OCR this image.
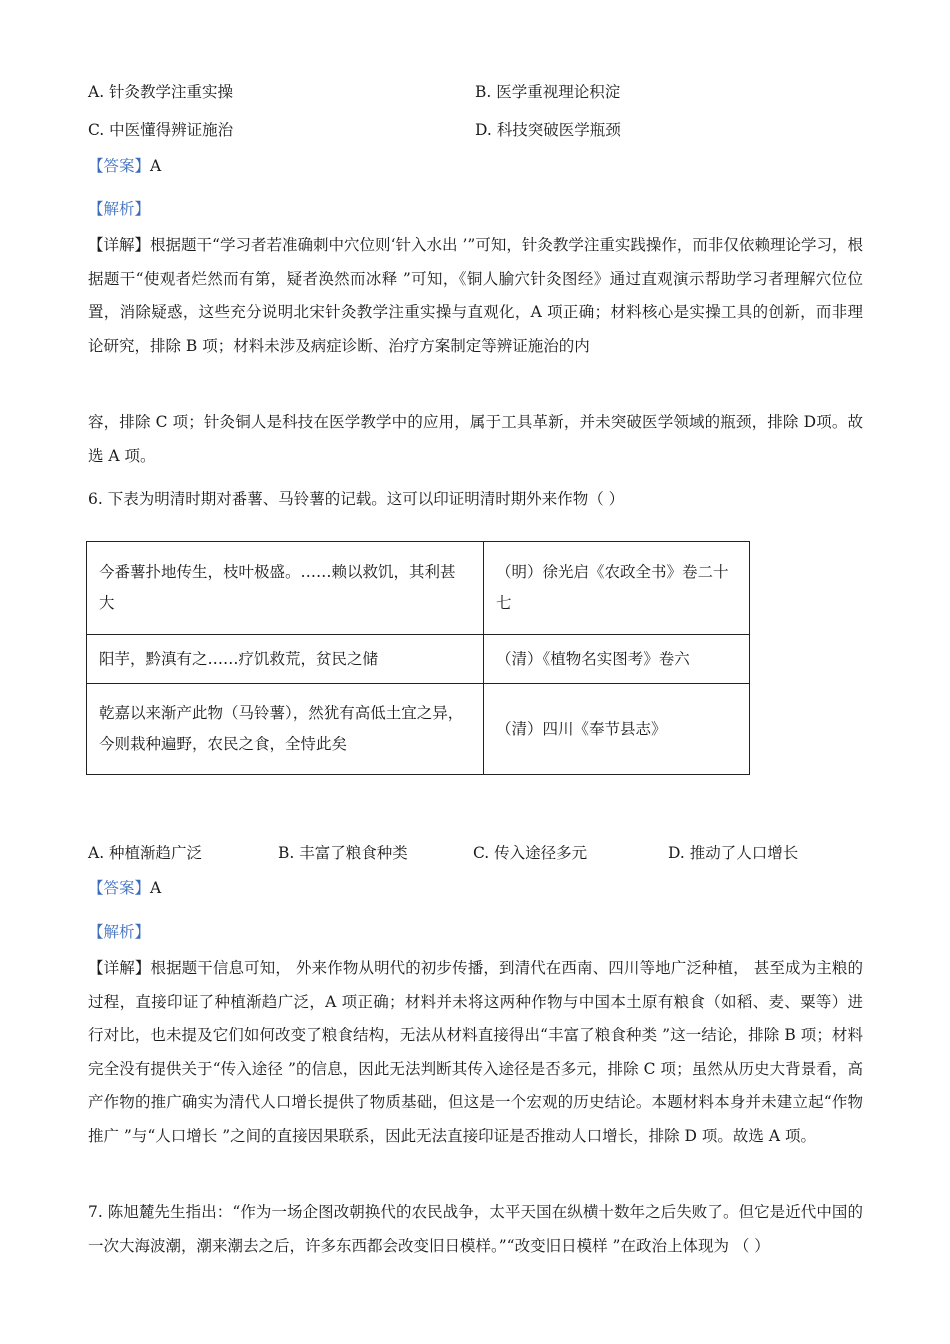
A. 针灸教学注重实操	B. 医学重视理论积淀
C. 中医懂得辨证施治	D. 科技突破医学瓶颈
【答案】A
【解析】
【详解】根据题干“学习者若准确刺中穴位则‘针入水出 ’”可知，针灸教学注重实践操作，而非仅依赖理论学习，根据题干“使观者烂然而有第，疑者涣然而冰释 ”可知，《铜人腧穴针灸图经》通过直观演示帮助学习者理解穴位位置，消除疑惑，这些充分说明北宋针灸教学注重实操与直观化，A 项正确；材料核心是实操工具的创新，而非理论研究，排除 B 项；材料未涉及病症诊断、治疗方案制定等辨证施治的内
容，排除 C 项；针灸铜人是科技在医学教学中的应用，属于工具革新，并未突破医学领域的瓶颈，排除 D项。故选 A 项。
6. 下表为明清时期对番薯、马铃薯的记载。这可以印证明清时期外来作物（ ）
今番薯扑地传生，枝叶极盛。……赖以救饥，其利甚大	（明）徐光启《农政全书》卷二十七
阳芋，黔滇有之……疗饥救荒，贫民之储	（清）《植物名实图考》卷六
乾嘉以来渐产此物（马铃薯），然犹有高低土宜之异，今则栽种遍野，农民之食，全恃此矣	（清）四川《奉节县志》
A. 种植渐趋广泛	B. 丰富了粮食种类	C. 传入途径多元	D. 推动了人口增长
【答案】A
【解析】
【详解】根据题干信息可知， 外来作物从明代的初步传播，到清代在西南、四川等地广泛种植， 甚至成为主粮的过程，直接印证了种植渐趋广泛，A 项正确；材料并未将这两种作物与中国本土原有粮食（如稻、麦、粟等）进行对比，也未提及它们如何改变了粮食结构，无法从材料直接得出“丰富了粮食种类 ”这一结论，排除 B 项；材料完全没有提供关于“传入途径 ”的信息，因此无法判断其传入途径是否多元，排除 C 项；虽然从历史大背景看，高产作物的推广确实为清代人口增长提供了物质基础，但这是一个宏观的历史结论。本题材料本身并未建立起“作物推广 ”与“人口增长 ”之间的直接因果联系，因此无法直接印证是否推动人口增长，排除 D 项。故选 A 项。
7. 陈旭麓先生指出：“作为一场企图改朝换代的农民战争，太平天国在纵横十数年之后失败了。但它是近代中国的一次大海波潮，潮来潮去之后，许多东西都会改变旧日模样。”“改变旧日模样 ”在政治上体现为 （ ）
